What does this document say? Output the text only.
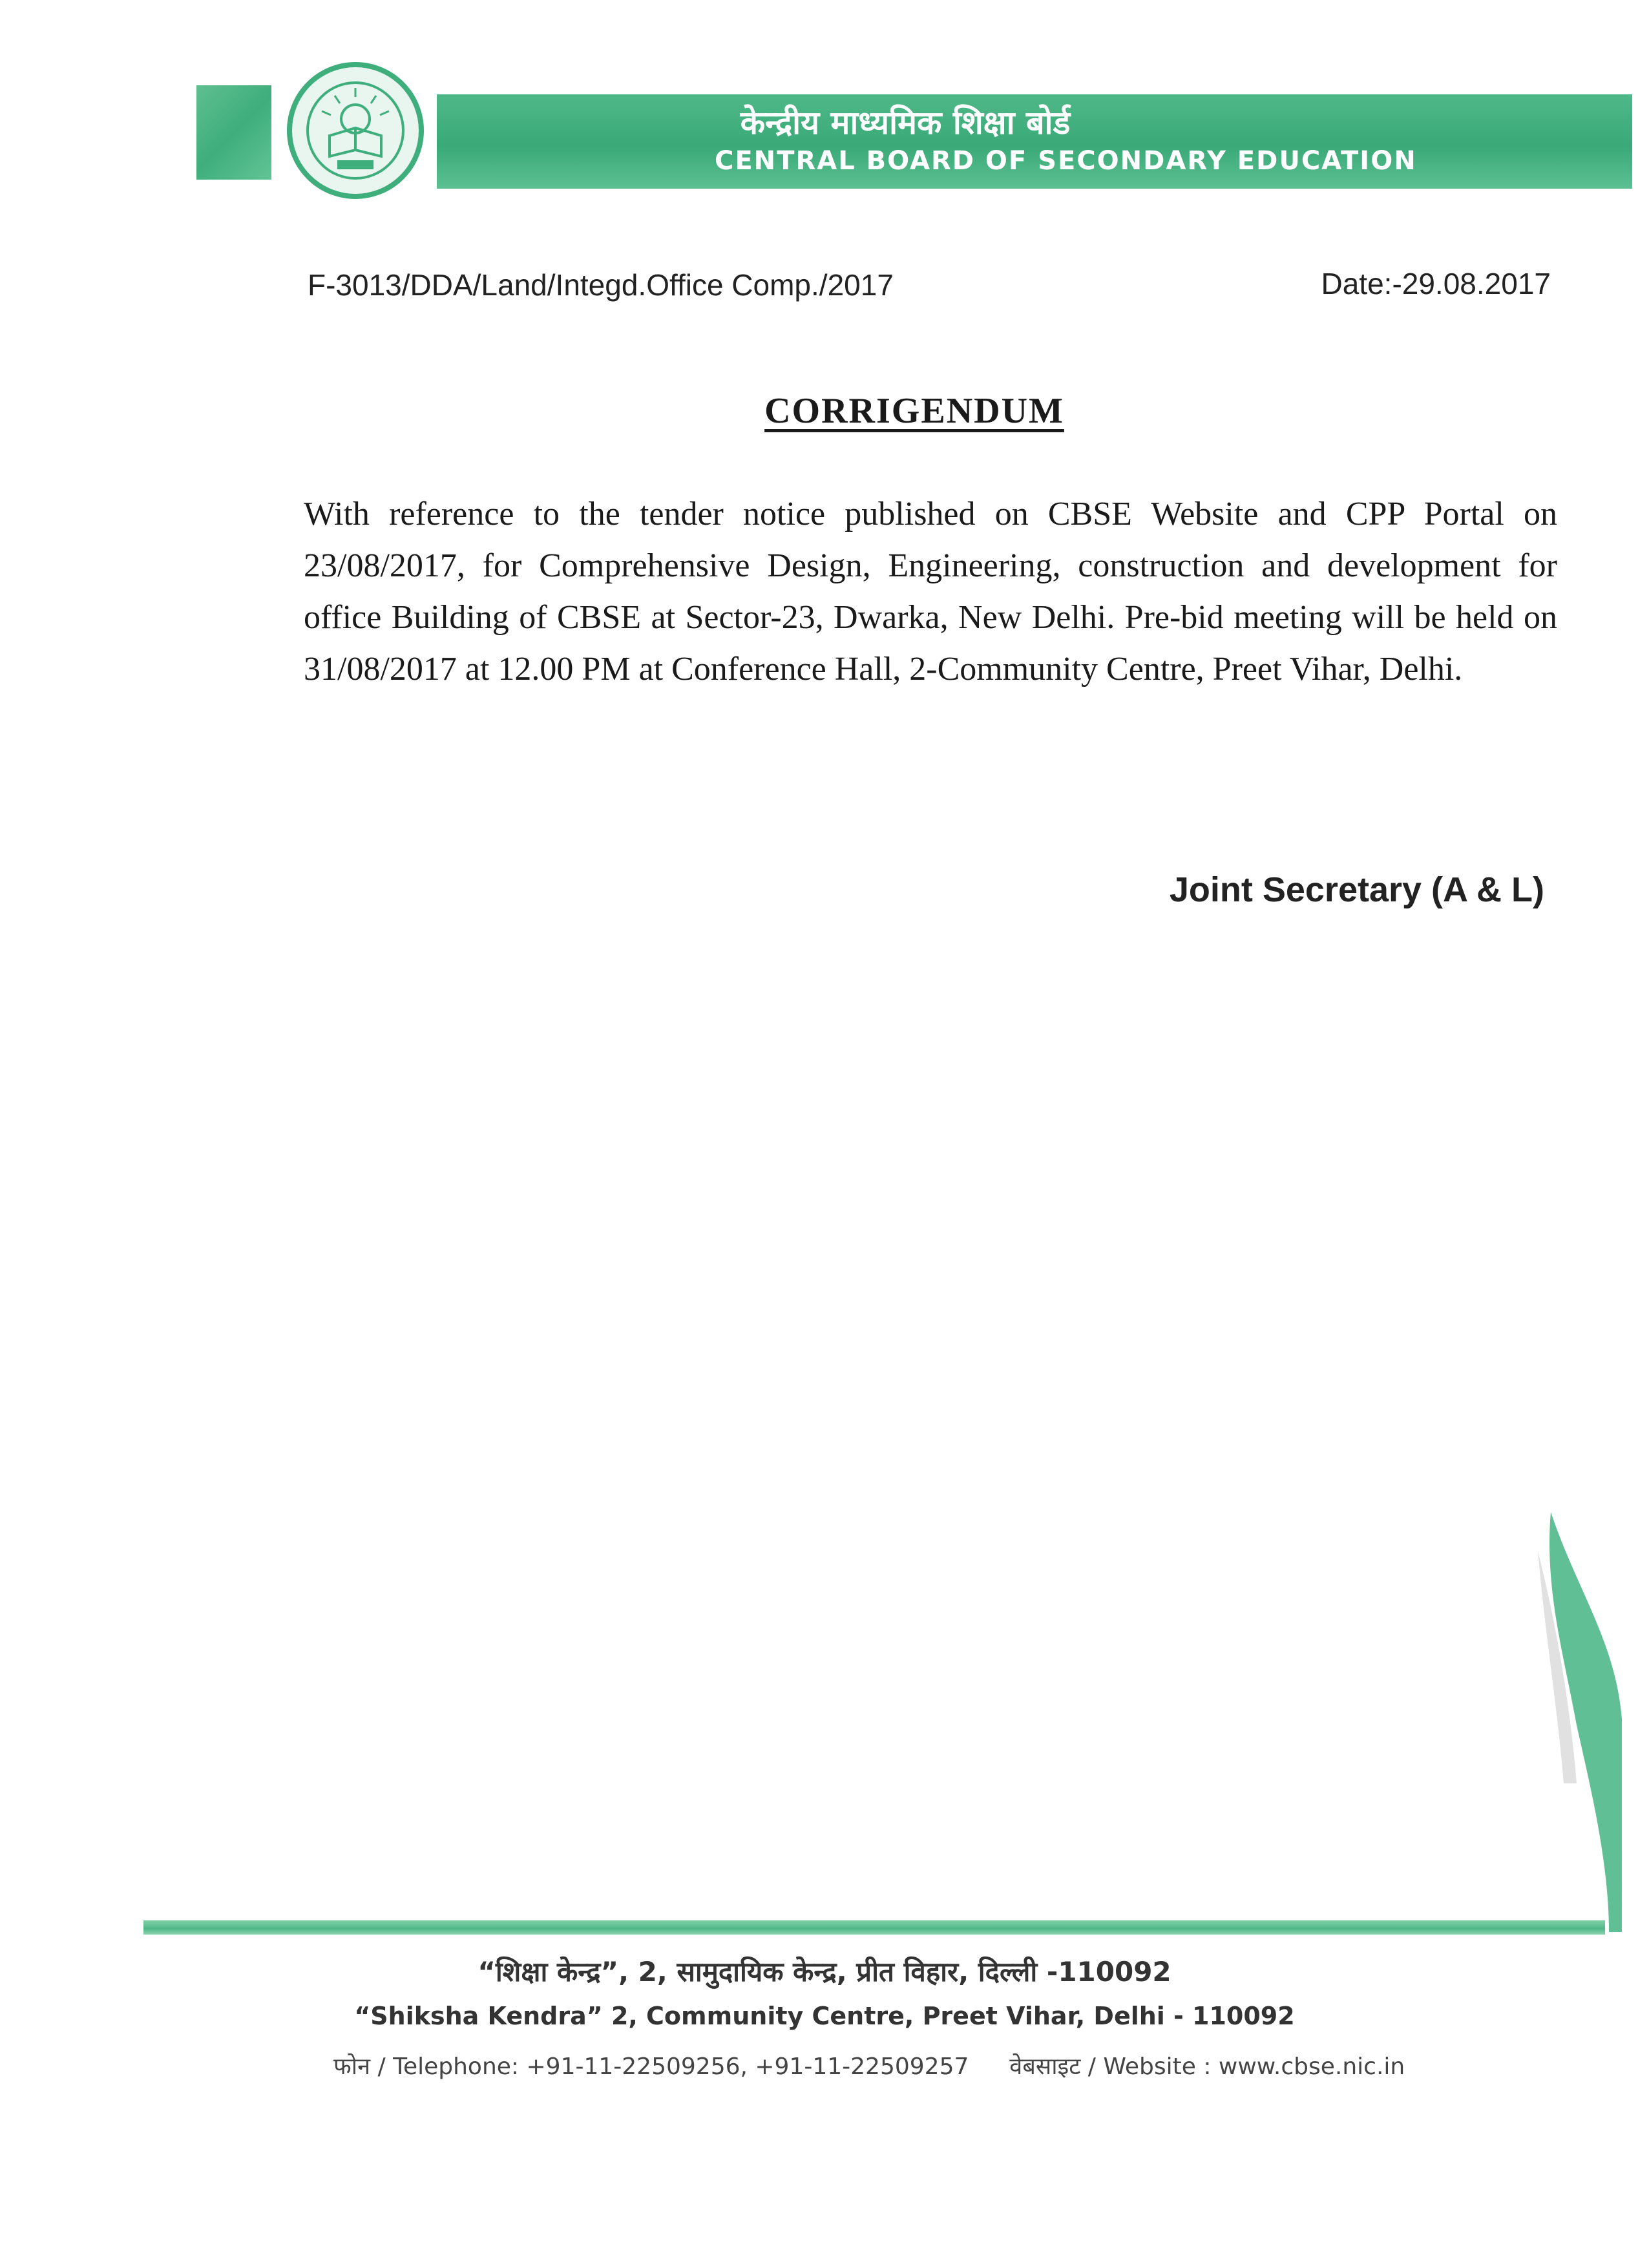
केन्द्रीय माध्यमिक शिक्षा बोर्ड
CENTRAL BOARD OF SECONDARY EDUCATION
F-3013/DDA/Land/Integd.Office Comp./2017	Date:-29.08.2017
CORRIGENDUM
With reference to the tender notice published on CBSE Website and CPP Portal on 23/08/2017, for Comprehensive Design, Engineering, construction and development for office Building of CBSE at Sector-23, Dwarka, New Delhi. Pre-bid meeting will be held on 31/08/2017 at 12.00 PM at Conference Hall, 2-Community Centre, Preet Vihar, Delhi.
Joint Secretary (A & L)
“शिक्षा केन्द्र”, 2, सामुदायिक केन्द्र, प्रीत विहार, दिल्ली -110092
“Shiksha Kendra” 2, Community Centre, Preet Vihar, Delhi - 110092
फोन / Telephone: +91-11-22509256, +91-11-22509257 वेबसाइट / Website : www.cbse.nic.in
